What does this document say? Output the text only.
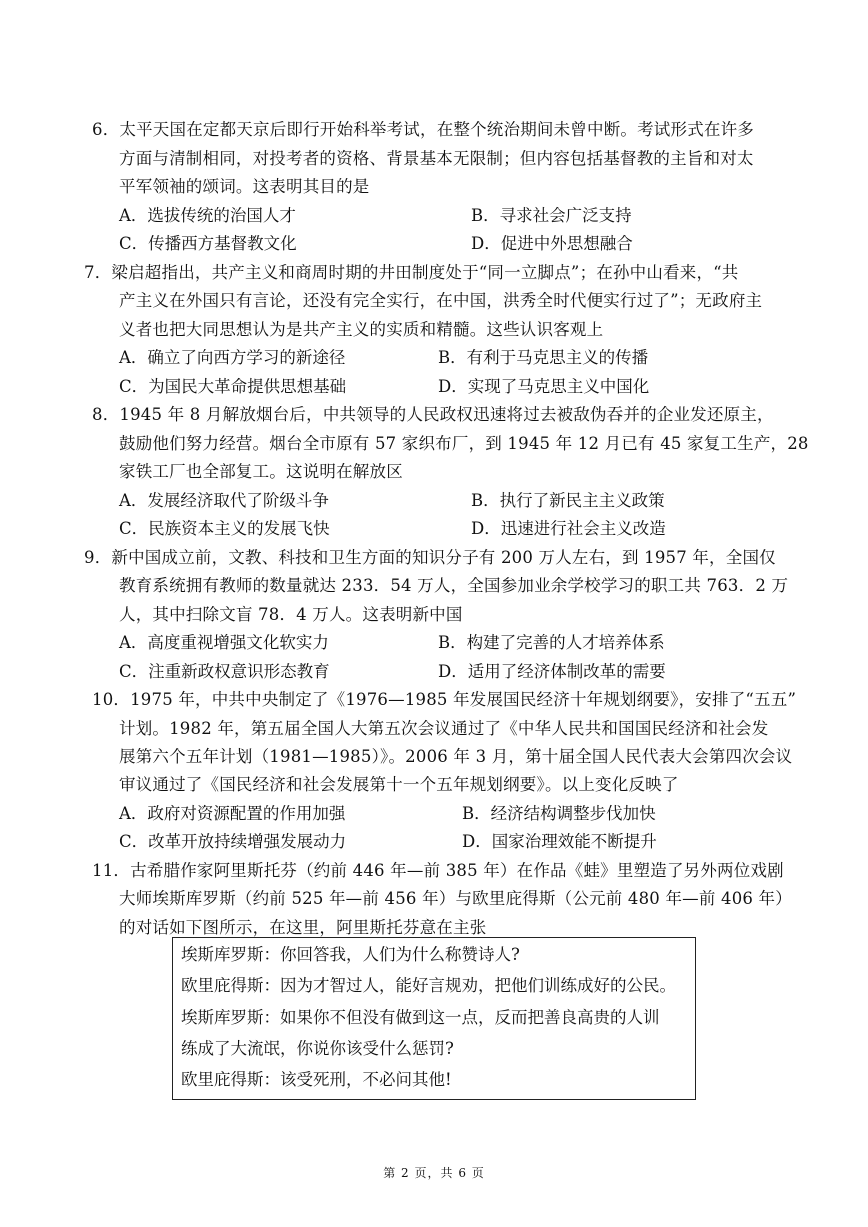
6．太平天国在定都天京后即行开始科举考试，在整个统治期间未曾中断。考试形式在许多
方面与清制相同，对投考者的资格、背景基本无限制；但内容包括基督教的主旨和对太
平军领袖的颂词。这表明其目的是
A．选拔传统的治国人才	B．寻求社会广泛支持
C．传播西方基督教文化	D．促进中外思想融合
7．梁启超指出，共产主义和商周时期的井田制度处于“同一立脚点”；在孙中山看来，“共
产主义在外国只有言论，还没有完全实行，在中国，洪秀全时代便实行过了”；无政府主
义者也把大同思想认为是共产主义的实质和精髓。这些认识客观上
A．确立了向西方学习的新途径	B．有利于马克思主义的传播
C．为国民大革命提供思想基础	D．实现了马克思主义中国化
8．1945 年 8 月解放烟台后，中共领导的人民政权迅速将过去被敌伪吞并的企业发还原主，
鼓励他们努力经营。烟台全市原有 57 家织布厂，到 1945 年 12 月已有 45 家复工生产，28
家铁工厂也全部复工。这说明在解放区
A．发展经济取代了阶级斗争	B．执行了新民主主义政策
C．民族资本主义的发展飞快	D．迅速进行社会主义改造
9．新中国成立前，文教、科技和卫生方面的知识分子有 200 万人左右，到 1957 年，全国仅
教育系统拥有教师的数量就达 233．54 万人，全国参加业余学校学习的职工共 763．2 万
人，其中扫除文盲 78．4 万人。这表明新中国
A．高度重视增强文化软实力	B．构建了完善的人才培养体系
C．注重新政权意识形态教育	D．适用了经济体制改革的需要
10．1975 年，中共中央制定了《1976—1985 年发展国民经济十年规划纲要》，安排了“五五”
计划。1982 年，第五届全国人大第五次会议通过了《中华人民共和国国民经济和社会发
展第六个五年计划（1981—1985）》。2006 年 3 月，第十届全国人民代表大会第四次会议
审议通过了《国民经济和社会发展第十一个五年规划纲要》。以上变化反映了
A．政府对资源配置的作用加强	B．经济结构调整步伐加快
C．改革开放持续增强发展动力	D．国家治理效能不断提升
11．古希腊作家阿里斯托芬（约前 446 年—前 385 年）在作品《蛙》里塑造了另外两位戏剧
大师埃斯库罗斯（约前 525 年—前 456 年）与欧里庇得斯（公元前 480 年—前 406 年）
的对话如下图所示，在这里，阿里斯托芬意在主张
埃斯库罗斯：你回答我，人们为什么称赞诗人?
欧里庇得斯：因为才智过人，能好言规劝，把他们训练成好的公民。
埃斯库罗斯：如果你不但没有做到这一点，反而把善良高贵的人训
练成了大流氓，你说你该受什么惩罚?
欧里庇得斯：该受死刑，不必问其他!
第 2 页，共 6 页
